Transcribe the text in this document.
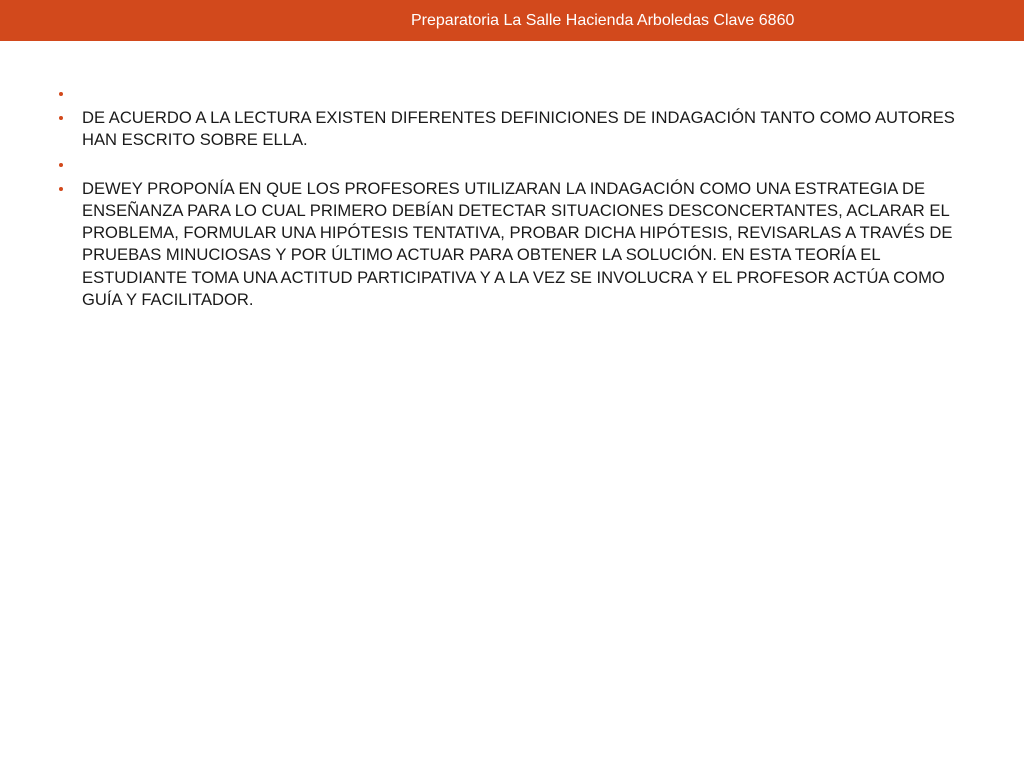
Preparatoria La Salle Hacienda Arboledas Clave 6860
DE ACUERDO A LA LECTURA EXISTEN DIFERENTES DEFINICIONES DE INDAGACIÓN TANTO COMO AUTORES HAN ESCRITO SOBRE ELLA.
DEWEY PROPONÍA EN QUE LOS PROFESORES UTILIZARAN LA INDAGACIÓN COMO UNA ESTRATEGIA DE ENSEÑANZA PARA LO CUAL PRIMERO DEBÍAN DETECTAR SITUACIONES DESCONCERTANTES, ACLARAR EL PROBLEMA, FORMULAR UNA HIPÓTESIS TENTATIVA, PROBAR DICHA HIPÓTESIS, REVISARLAS A TRAVÉS DE PRUEBAS MINUCIOSAS Y POR ÚLTIMO ACTUAR PARA OBTENER LA SOLUCIÓN. EN ESTA TEORÍA EL ESTUDIANTE TOMA UNA ACTITUD PARTICIPATIVA Y A LA VEZ SE INVOLUCRA Y EL PROFESOR ACTÚA COMO GUÍA Y FACILITADOR.
